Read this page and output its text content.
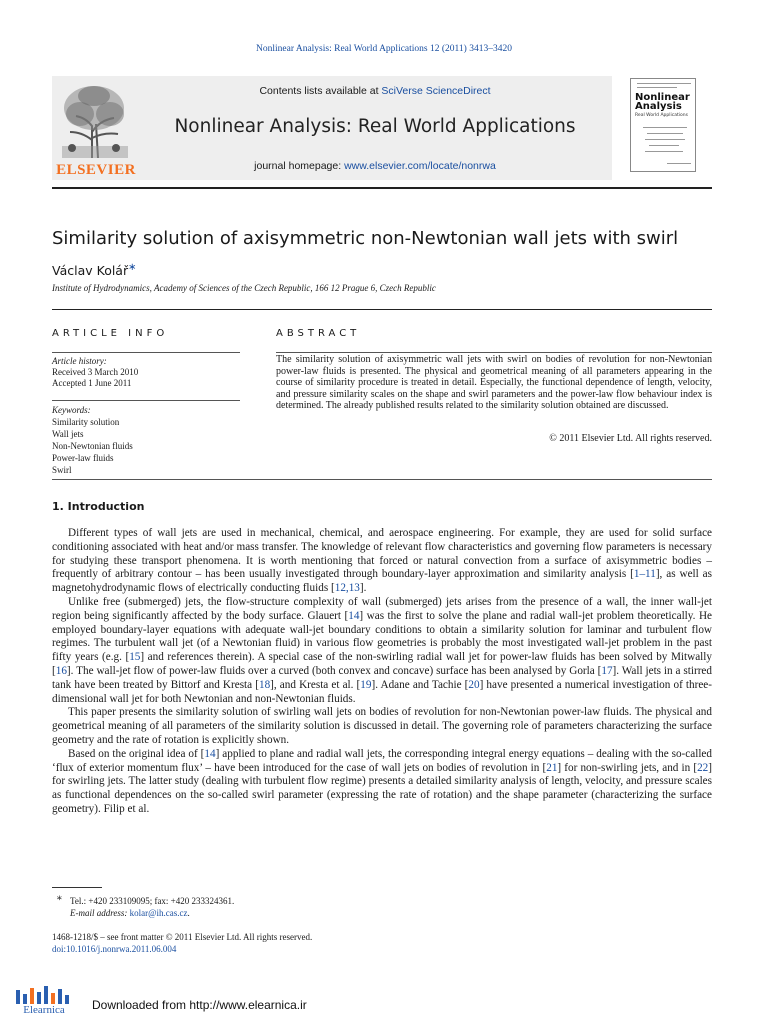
Nonlinear Analysis: Real World Applications 12 (2011) 3413–3420
ELSEVIER
Contents lists available at SciVerse ScienceDirect
Nonlinear Analysis: Real World Applications
journal homepage: www.elsevier.com/locate/nonrwa
Nonlinear
Analysis
Real World Applications
Similarity solution of axisymmetric non-Newtonian wall jets with swirl
Václav Kolář∗
Institute of Hydrodynamics, Academy of Sciences of the Czech Republic, 166 12 Prague 6, Czech Republic
ARTICLE INFO
Article history:
Received 3 March 2010
Accepted 1 June 2011
Keywords:
Similarity solution
Wall jets
Non-Newtonian fluids
Power-law fluids
Swirl
ABSTRACT
The similarity solution of axisymmetric wall jets with swirl on bodies of revolution for non-Newtonian power-law fluids is presented. The physical and geometrical meaning of all parameters appearing in the course of similarity procedure is treated in detail. Especially, the functional dependence of length, velocity, and pressure similarity scales on the shape and swirl parameters and the power-law flow behaviour index is determined. The already published results related to the similarity solution obtained are discussed.
© 2011 Elsevier Ltd. All rights reserved.
1. Introduction

Different types of wall jets are used in mechanical, chemical, and aerospace engineering. For example, they are used for solid surface conditioning associated with heat and/or mass transfer. The knowledge of relevant flow characteristics and governing flow parameters is necessary for studying these transport phenomena. It is worth mentioning that forced or natural convection from a surface of axisymmetric bodies – frequently of arbitrary contour – has been usually investigated through boundary-layer approximation and similarity analysis [1–11], as well as magnetohydrodynamic flows of electrically conducting fluids [12,13].

Unlike free (submerged) jets, the flow-structure complexity of wall (submerged) jets arises from the presence of a wall, the inner wall-jet region being significantly affected by the body surface. Glauert [14] was the first to solve the plane and radial wall-jet problem theoretically. He employed boundary-layer equations with adequate wall-jet boundary conditions to obtain a similarity solution for laminar and turbulent flow regimes. The turbulent wall jet (of a Newtonian fluid) in various flow geometries is probably the most investigated wall-jet problem in the past fifty years (e.g. [15] and references therein). A special case of the non-swirling radial wall jet for power-law fluids has been solved by Mitwally [16]. The wall-jet flow of power-law fluids over a curved (both convex and concave) surface has been analysed by Gorla [17]. Wall jets in a stirred tank have been treated by Bittorf and Kresta [18], and Kresta et al. [19]. Adane and Tachie [20] have presented a numerical investigation of three-dimensional wall jet for both Newtonian and non-Newtonian fluids.

This paper presents the similarity solution of swirling wall jets on bodies of revolution for non-Newtonian power-law fluids. The physical and geometrical meaning of all parameters of the similarity solution is discussed in detail. The governing role of parameters characterizing the surface geometry and the rate of rotation is explicitly shown.

Based on the original idea of [14] applied to plane and radial wall jets, the corresponding integral energy equations – dealing with the so-called ‘flux of exterior momentum flux’ – have been introduced for the case of wall jets on bodies of revolution in [21] for non-swirling jets, and in [22] for swirling jets. The latter study (dealing with turbulent flow regime) presents a detailed similarity analysis of length, velocity, and pressure scales as functional dependences on the so-called swirl parameter (expressing the rate of rotation) and the shape parameter (characterizing the surface geometry). Filip et al.

∗ Tel.: +420 233109095; fax: +420 233324361.
E-mail address: kolar@ih.cas.cz.
1468-1218/$ – see front matter © 2011 Elsevier Ltd. All rights reserved.
doi:10.1016/j.nonrwa.2011.06.004
Elearnica	Downloaded from http://www.elearnica.ir
